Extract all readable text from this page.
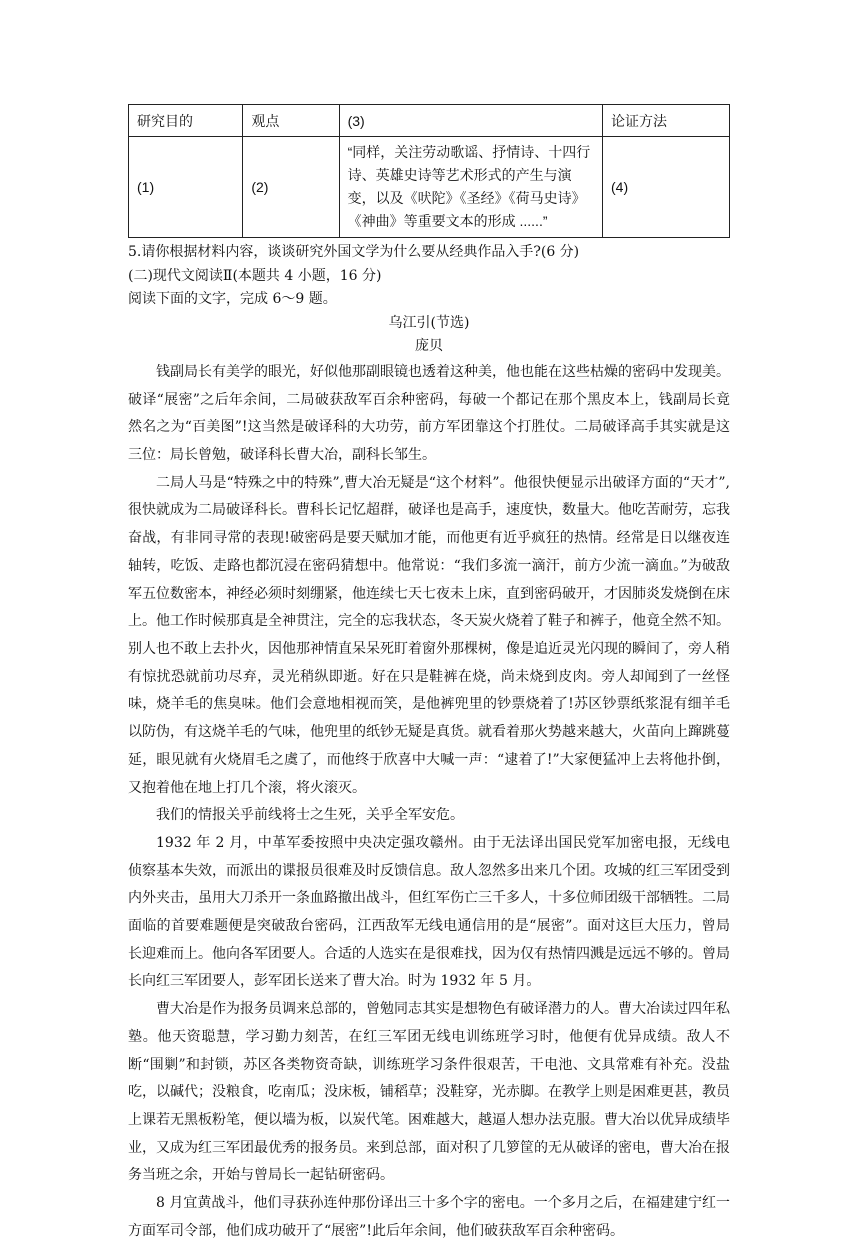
研究目的	观点	(3)	论证方法
(1)	(2)	“同样，关注劳动歌谣、抒情诗、十四行诗、英雄史诗等艺术形式的产生与演变，以及《吠陀》《圣经》《荷马史诗》《神曲》等重要文本的形成 ......”	(4)

5.请你根据材料内容，谈谈研究外国文学为什么要从经典作品入手?(6 分)

(二)现代文阅读Ⅱ(本题共 4 小题，16 分)

阅读下面的文字，完成 6～9 题。

乌江引(节选)

庞贝

钱副局长有美学的眼光，好似他那副眼镜也透着这种美，他也能在这些枯燥的密码中发现美。破译“展密”之后年余间，二局破获敌军百余种密码，每破一个都记在那个黑皮本上，钱副局长竟然名之为“百美图”!这当然是破译科的大功劳，前方军团靠这个打胜仗。二局破译高手其实就是这三位：局长曾勉，破译科长曹大冶，副科长邹生。

二局人马是“特殊之中的特殊”,曹大冶无疑是“这个材料”。他很快便显示出破译方面的“天才”,很快就成为二局破译科长。曹科长记忆超群，破译也是高手，速度快，数量大。他吃苦耐劳，忘我奋战，有非同寻常的表现!破密码是要天赋加才能，而他更有近乎疯狂的热情。经常是日以继夜连轴转，吃饭、走路也都沉浸在密码猜想中。他常说：“我们多流一滴汗，前方少流一滴血。”为破敌军五位数密本，神经必须时刻绷紧，他连续七天七夜未上床，直到密码破开，才因肺炎发烧倒在床上。他工作时候那真是全神贯注，完全的忘我状态，冬天炭火烧着了鞋子和裤子，他竟全然不知。别人也不敢上去扑火，因他那神情直呆呆死盯着窗外那棵树，像是追近灵光闪现的瞬间了，旁人稍有惊扰恐就前功尽弃，灵光稍纵即逝。好在只是鞋裤在烧，尚未烧到皮肉。旁人却闻到了一丝怪味，烧羊毛的焦臭味。他们会意地相视而笑，是他裤兜里的钞票烧着了!苏区钞票纸浆混有细羊毛以防伪，有这烧羊毛的气味，他兜里的纸钞无疑是真货。就看着那火势越来越大，火苗向上蹿跳蔓延，眼见就有火烧眉毛之虞了，而他终于欣喜中大喊一声：“逮着了!”大家便猛冲上去将他扑倒，又抱着他在地上打几个滚，将火滚灭。

我们的情报关乎前线将士之生死，关乎全军安危。

1932 年 2 月，中革军委按照中央决定强攻赣州。由于无法译出国民党军加密电报，无线电侦察基本失效，而派出的谍报员很难及时反馈信息。敌人忽然多出来几个团。攻城的红三军团受到内外夹击，虽用大刀杀开一条血路撤出战斗，但红军伤亡三千多人，十多位师团级干部牺牲。二局面临的首要难题便是突破敌台密码，江西敌军无线电通信用的是“展密”。面对这巨大压力，曾局长迎难而上。他向各军团要人。合适的人选实在是很难找，因为仅有热情四溅是远远不够的。曾局长向红三军团要人，彭军团长送来了曹大冶。时为 1932 年 5 月。

曹大冶是作为报务员调来总部的，曾勉同志其实是想物色有破译潜力的人。曹大冶读过四年私塾。他天资聪慧，学习勤力刻苦，在红三军团无线电训练班学习时，他便有优异成绩。敌人不断“围剿”和封锁，苏区各类物资奇缺，训练班学习条件很艰苦，干电池、文具常难有补充。没盐吃，以碱代；没粮食，吃南瓜；没床板，铺稻草；没鞋穿，光赤脚。在教学上则是困难更甚，教员上课若无黑板粉笔，便以墙为板，以炭代笔。困难越大，越逼人想办法克服。曹大冶以优异成绩毕业，又成为红三军团最优秀的报务员。来到总部，面对积了几箩筐的无从破译的密电，曹大冶在报务当班之余，开始与曾局长一起钻研密码。

8 月宜黄战斗，他们寻获孙连仲那份译出三十多个字的密电。一个多月之后，在福建建宁红一方面军司令部，他们成功破开了“展密”!此后年余间，他们破获敌军百余种密码。
